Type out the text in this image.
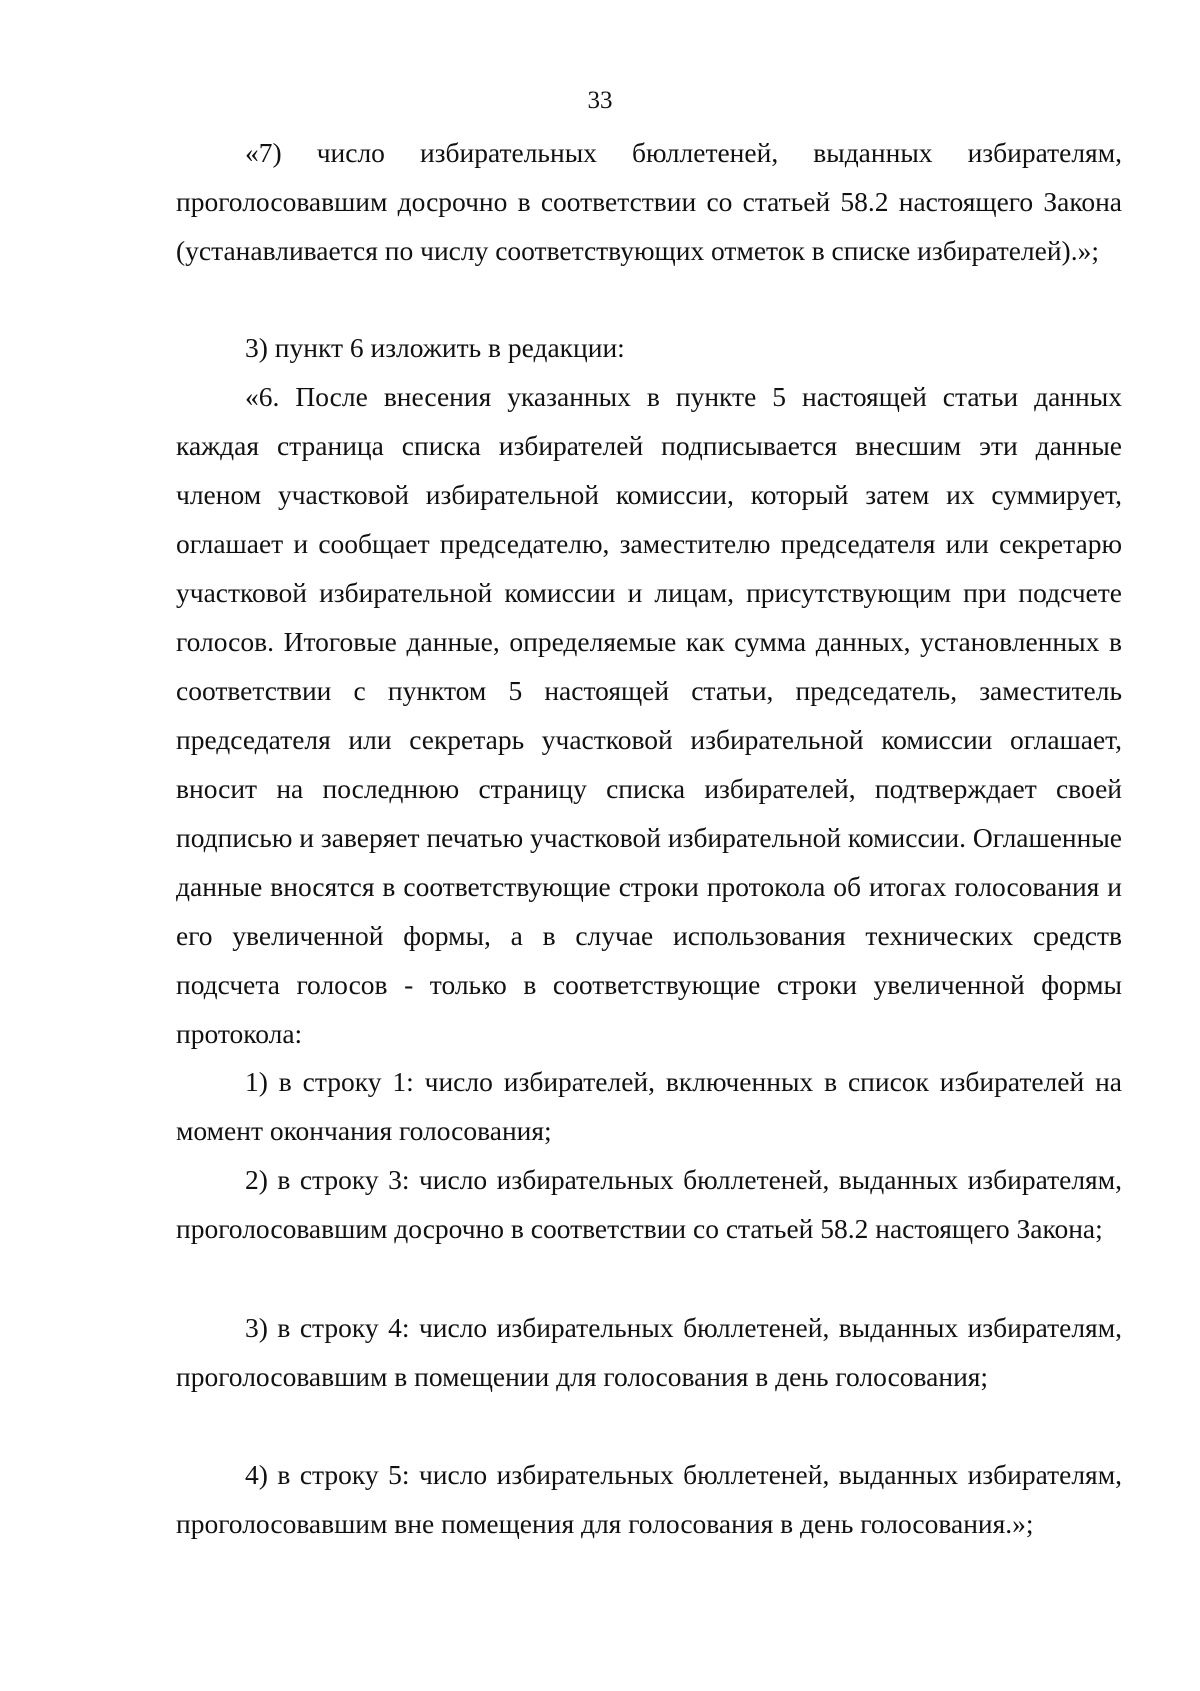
33

«7) число избирательных бюллетеней, выданных избирателям, проголосовавшим досрочно в соответствии со статьей 58.2 настоящего Закона (устанавливается по числу соответствующих отметок в списке избирателей).»;

3) пункт 6 изложить в редакции:

«6. После внесения указанных в пункте 5 настоящей статьи данных каждая страница списка избирателей подписывается внесшим эти данные членом участковой избирательной комиссии, который затем их суммирует, оглашает и сообщает председателю, заместителю председателя или секретарю участковой избирательной комиссии и лицам, присутствующим при подсчете голосов. Итоговые данные, определяемые как сумма данных, установленных в соответствии с пунктом 5 настоящей статьи, председатель, заместитель председателя или секретарь участковой избирательной комиссии оглашает, вносит на последнюю страницу списка избирателей, подтверждает своей подписью и заверяет печатью участковой избирательной комиссии. Оглашенные данные вносятся в соответствующие строки протокола об итогах голосования и его увеличенной формы, а в случае использования технических средств подсчета голосов - только в соответствующие строки увеличенной формы протокола:

1) в строку 1: число избирателей, включенных в список избирателей на момент окончания голосования;

2) в строку 3: число избирательных бюллетеней, выданных избирателям, проголосовавшим досрочно в соответствии со статьей 58.2 настоящего Закона;

3) в строку 4: число избирательных бюллетеней, выданных избирателям, проголосовавшим в помещении для голосования в день голосования;

4) в строку 5: число избирательных бюллетеней, выданных избирателям, проголосовавшим вне помещения для голосования в день голосования.»;
